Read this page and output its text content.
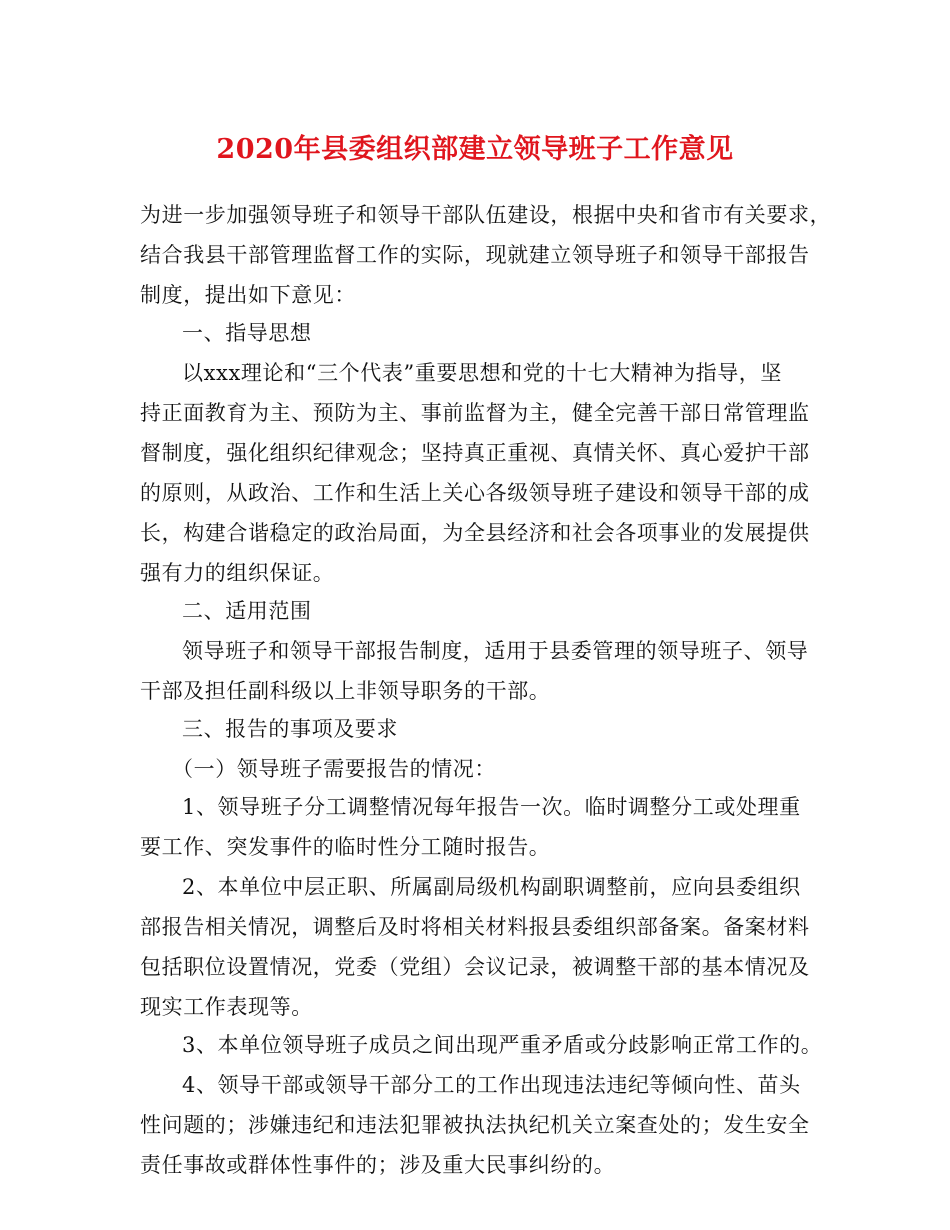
2020年县委组织部建立领导班子工作意见
为进一步加强领导班子和领导干部队伍建设，根据中央和省市有关要求，
结合我县干部管理监督工作的实际，现就建立领导班子和领导干部报告
制度，提出如下意见：
一、指导思想
以xxx理论和“三个代表”重要思想和党的十七大精神为指导，坚
持正面教育为主、预防为主、事前监督为主，健全完善干部日常管理监
督制度，强化组织纪律观念；坚持真正重视、真情关怀、真心爱护干部
的原则，从政治、工作和生活上关心各级领导班子建设和领导干部的成
长，构建合谐稳定的政治局面，为全县经济和社会各项事业的发展提供
强有力的组织保证。
二、适用范围
领导班子和领导干部报告制度，适用于县委管理的领导班子、领导
干部及担任副科级以上非领导职务的干部。
三、报告的事项及要求
（一）领导班子需要报告的情况：
1、领导班子分工调整情况每年报告一次。临时调整分工或处理重
要工作、突发事件的临时性分工随时报告。
2、本单位中层正职、所属副局级机构副职调整前，应向县委组织
部报告相关情况，调整后及时将相关材料报县委组织部备案。备案材料
包括职位设置情况，党委（党组）会议记录，被调整干部的基本情况及
现实工作表现等。
3、本单位领导班子成员之间出现严重矛盾或分歧影响正常工作的。
4、领导干部或领导干部分工的工作出现违法违纪等倾向性、苗头
性问题的；涉嫌违纪和违法犯罪被执法执纪机关立案查处的；发生安全
责任事故或群体性事件的；涉及重大民事纠纷的。
